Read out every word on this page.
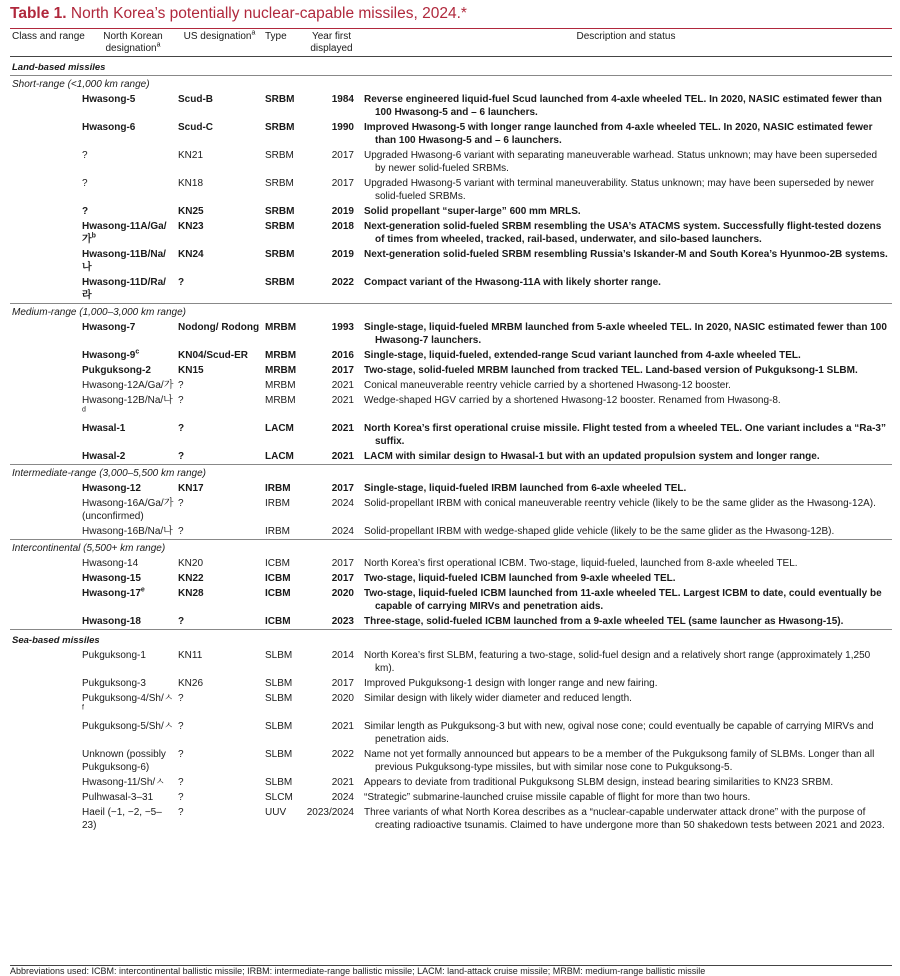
Table 1. North Korea’s potentially nuclear-capable missiles, 2024.*
Class and range	North Korean designation$^a$	US designation$^a$	Type	Year first displayed	Description and status
Land-based missiles					
Short-range (<1,000 km range)					
Hwasong-5		Scud-B	SRBM	1984	Reverse engineered liquid-fuel Scud launched from 4-axle wheeled TEL. In 2020, NASIC estimated fewer than 100 Hwasong-5 and – 6 launchers.

Hwasong-6		Scud-C	SRBM	1990	Improved Hwasong-5 with longer range launched from 4-axle wheeled TEL. In 2020, NASIC estimated fewer than 100 Hwasong-5 and – 6 launchers.

?		KN21	SRBM	2017	Upgraded Hwasong-6 variant with separating maneuverable warhead. Status unknown; may have been superseded by newer solid-fueled SRBMs.

?		KN18	SRBM	2017	Upgraded Hwasong-5 variant with terminal maneuverability. Status unknown; may have been superseded by newer solid-fueled SRBMs.

?		KN25	SRBM	2019	Solid propellant “super-large” 600 mm MRLS.

Hwasong-11A/Ga/가$^b$		KN23	SRBM	2018	Next-generation solid-fueled SRBM resembling the USA’s ATACMS system. Successfully flight-tested dozens of times from wheeled, tracked, rail-based, underwater, and silo-based launchers.

Hwasong-11B/Na/나		KN24	SRBM	2019	Next-generation solid-fueled SRBM resembling Russia’s Iskander-M and South Korea’s Hyunmoo-2B systems.

Hwasong-11D/Ra/라		?	SRBM	2022	Compact variant of the Hwasong-11A with likely shorter range.

Medium-range (1,000–3,000 km range)					
Hwasong-7		Nodong/ Rodong	MRBM	1993	Single-stage, liquid-fueled MRBM launched from 5-axle wheeled TEL. In 2020, NASIC estimated fewer than 100 Hwasong-7 launchers.

Hwasong-9$^c$		KN04/Scud-ER	MRBM	2016	Single-stage, liquid-fueled, extended-range Scud variant launched from 4-axle wheeled TEL.

Pukguksong-2		KN15	MRBM	2017	Two-stage, solid-fueled MRBM launched from tracked TEL. Land-based version of Pukguksong-1 SLBM.

Hwasong-12A/Ga/가		?	MRBM	2021	Conical maneuverable reentry vehicle carried by a shortened Hwasong-12 booster.

Hwasong-12B/Na/나$^d$		?	MRBM	2021	Wedge-shaped HGV carried by a shortened Hwasong-12 booster. Renamed from Hwasong-8.

Hwasal-1		?	LACM	2021	North Korea’s first operational cruise missile. Flight tested from a wheeled TEL. One variant includes a “Ra-3” suffix.

Hwasal-2		?	LACM	2021	LACM with similar design to Hwasal-1 but with an updated propulsion system and longer range.

Intermediate-range (3,000–5,500 km range)					
Hwasong-12		KN17	IRBM	2017	Single-stage, liquid-fueled IRBM launched from 6-axle wheeled TEL.

Hwasong-16A/Ga/가 (unconfirmed)		?	IRBM	2024	Solid-propellant IRBM with conical maneuverable reentry vehicle (likely to be the same glider as the Hwasong-12A).

Hwasong-16B/Na/나		?	IRBM	2024	Solid-propellant IRBM with wedge-shaped glide vehicle (likely to be the same glider as the Hwasong-12B).

Intercontinental (5,500+ km range)					
Hwasong-14		KN20	ICBM	2017	North Korea’s first operational ICBM. Two-stage, liquid-fueled, launched from 8-axle wheeled TEL.

Hwasong-15		KN22	ICBM	2017	Two-stage, liquid-fueled ICBM launched from 9-axle wheeled TEL.

Hwasong-17e		KN28	ICBM	2020	Two-stage, liquid-fueled ICBM launched from 11-axle wheeled TEL. Largest ICBM to date, could eventually be capable of carrying MIRVs and penetration aids.

Hwasong-18		?	ICBM	2023	Three-stage, solid-fueled ICBM launched from a 9-axle wheeled TEL (same launcher as Hwasong-15).

Sea-based missiles					
Pukguksong-1		KN11	SLBM	2014	North Korea’s first SLBM, featuring a two-stage, solid-fuel design and a relatively short range (approximately 1,250 km).

Pukguksong-3		KN26	SLBM	2017	Improved Pukguksong-1 design with longer range and new fairing.

Pukguksong-4/Sh/ㅅ$^f$		?	SLBM	2020	Similar design with likely wider diameter and reduced length.

Pukguksong-5/Sh/ㅅ		?	SLBM	2021	Similar length as Pukguksong-3 but with new, ogival nose cone; could eventually be capable of carrying MIRVs and penetration aids.

Unknown (possibly Pukguksong-6)		?	SLBM	2022	Name not yet formally announced but appears to be a member of the Pukguksong family of SLBMs. Longer than all previous Pukguksong-type missiles, but with similar nose cone to Pukguksong-5.

Hwasong-11/Sh/ㅅ		?	SLBM	2021	Appears to deviate from traditional Pukguksong SLBM design, instead bearing similarities to KN23 SRBM.

Pulhwasal-3–31		?	SLCM	2024	“Strategic” submarine-launched cruise missile capable of flight for more than two hours.

Haeil (−1, −2, −5–23)		?	UUV	2023/2024	Three variants of what North Korea describes as a “nuclear-capable underwater attack drone” with the purpose of creating radioactive tsunamis. Claimed to have undergone more than 50 shakedown tests between 2021 and 2023.
Abbreviations used: ICBM: intercontinental ballistic missile; IRBM: intermediate-range ballistic missile; LACM: land-attack cruise missile; MRBM: medium-range ballistic missile
